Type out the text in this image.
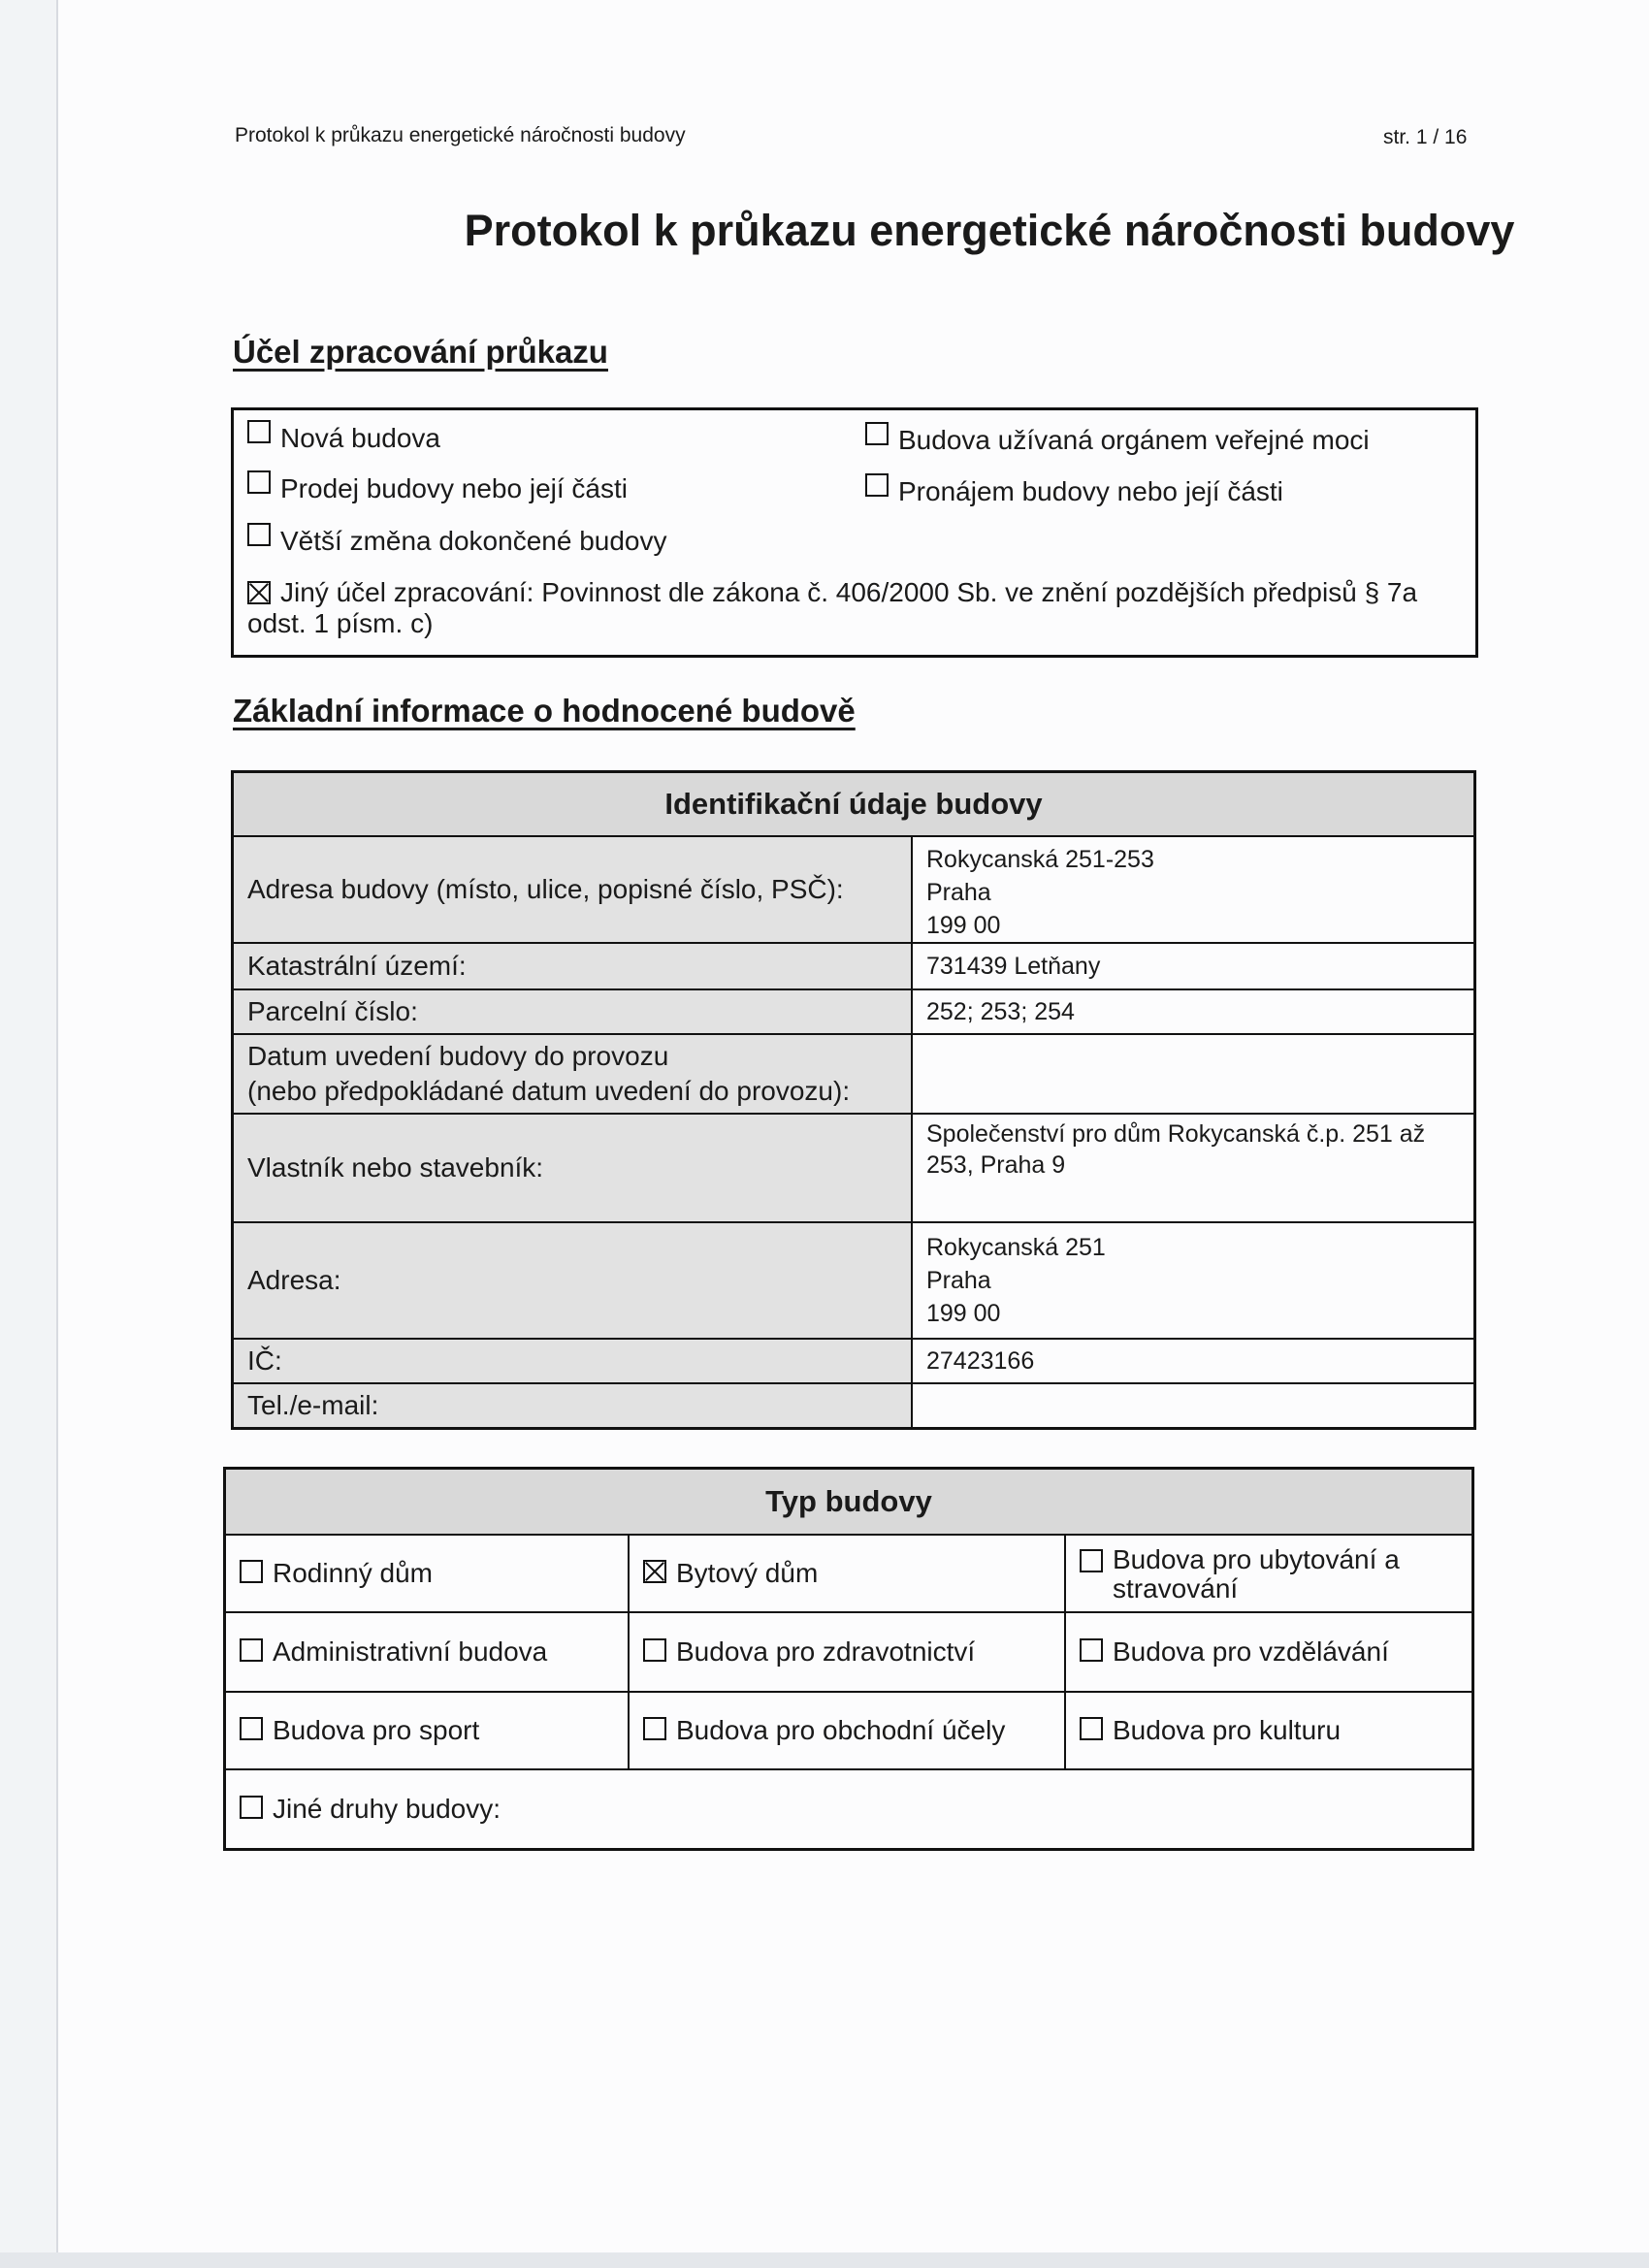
Protokol k průkazu energetické náročnosti budovy	str. 1 / 16
Protokol k průkazu energetické náročnosti budovy
Účel zpracování průkazu
Nová budova	Budova užívaná orgánem veřejné moci
Prodej budovy nebo její části	Pronájem budovy nebo její části
Větší změna dokončené budovy
Jiný účel zpracování: Povinnost dle zákona č. 406/2000 Sb. ve znění pozdějších předpisů § 7a odst. 1 písm. c)
Základní informace o hodnocené budově
Identifikační údaje budovy
Adresa budovy (místo, ulice, popisné číslo, PSČ):
Rokycanská 251-253
Praha
199 00
Katastrální území:	731439 Letňany
Parcelní číslo:	252; 253; 254
Datum uvedení budovy do provozu
(nebo předpokládané datum uvedení do provozu):
Vlastník nebo stavebník:
Společenství pro dům Rokycanská č.p. 251 až
253, Praha 9
Adresa:
Rokycanská 251
Praha
199 00
IČ:	27423166
Tel./e-mail:
Typ budovy
Rodinný dům	Bytový dům	Budova pro ubytování a stravování
Administrativní budova	Budova pro zdravotnictví	Budova pro vzdělávání
Budova pro sport	Budova pro obchodní účely	Budova pro kulturu
Jiné druhy budovy:
